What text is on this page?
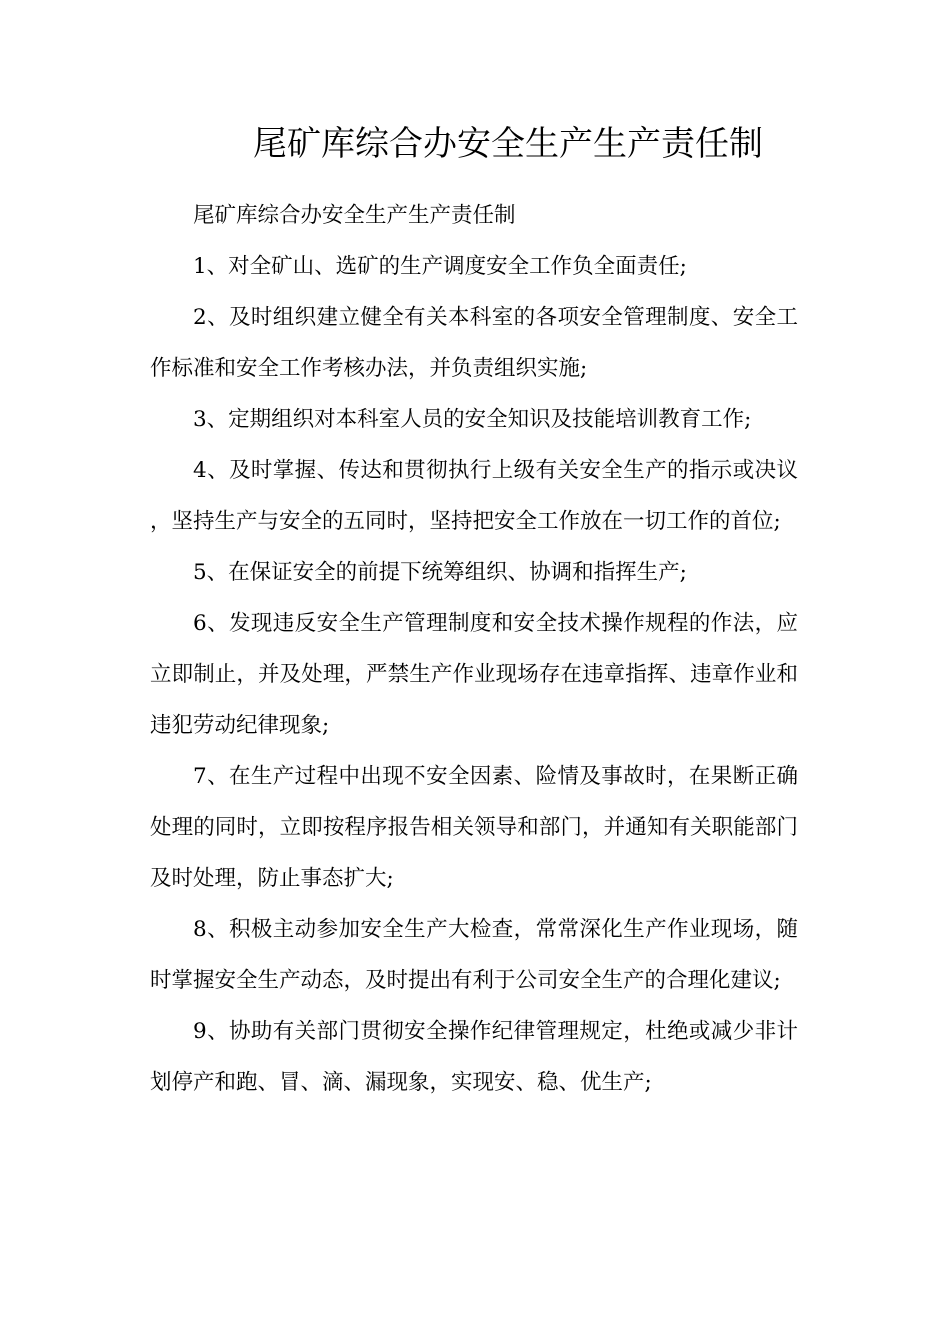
尾矿库综合办安全生产生产责任制

尾矿库综合办安全生产生产责任制

1、对全矿山、选矿的生产调度安全工作负全面责任;

2、及时组织建立健全有关本科室的各项安全管理制度、安全工作标准和安全工作考核办法，并负责组织实施;

3、定期组织对本科室人员的安全知识及技能培训教育工作;

4、及时掌握、传达和贯彻执行上级有关安全生产的指示或决议，坚持生产与安全的五同时，坚持把安全工作放在一切工作的首位;

5、在保证安全的前提下统筹组织、协调和指挥生产;

6、发现违反安全生产管理制度和安全技术操作规程的作法，应立即制止，并及处理，严禁生产作业现场存在违章指挥、违章作业和违犯劳动纪律现象;

7、在生产过程中出现不安全因素、险情及事故时，在果断正确处理的同时，立即按程序报告相关领导和部门，并通知有关职能部门及时处理，防止事态扩大;

8、积极主动参加安全生产大检查，常常深化生产作业现场，随时掌握安全生产动态，及时提出有利于公司安全生产的合理化建议;

9、协助有关部门贯彻安全操作纪律管理规定，杜绝或减少非计划停产和跑、冒、滴、漏现象，实现安、稳、优生产;
